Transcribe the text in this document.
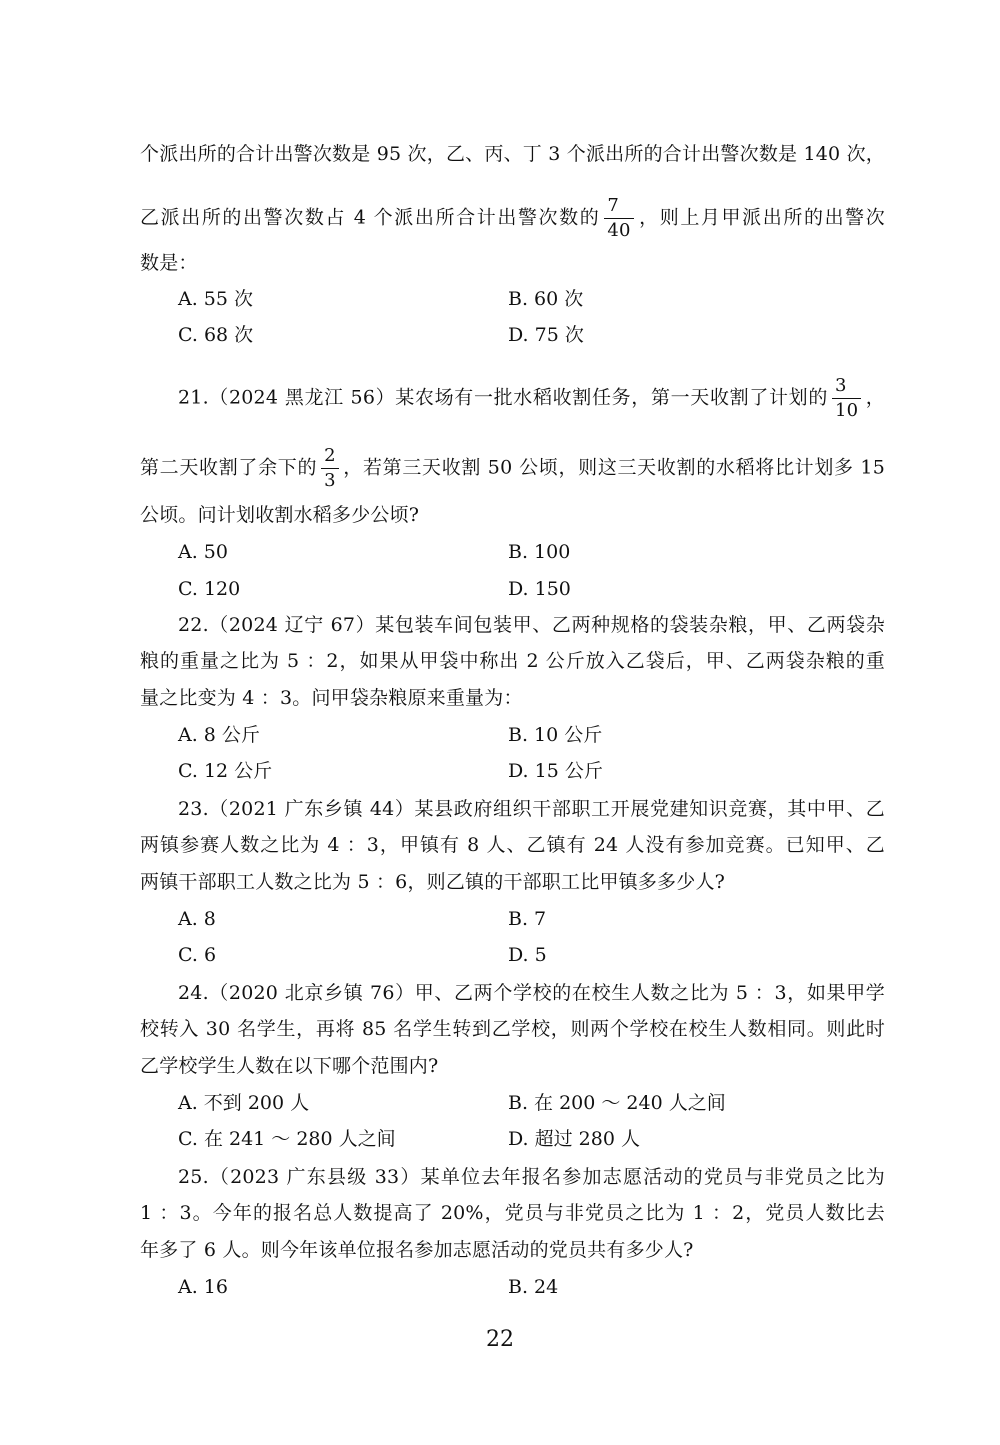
个派出所的合计出警次数是 95 次，乙、丙、丁 3 个派出所的合计出警次数是 140 次，
乙派出所的出警次数占 4 个派出所合计出警次数的 $\frac{7}{40}$ ，则上月甲派出所的出警次
数是：
A. 55 次	B. 60 次
C. 68 次	D. 75 次
21.（2024 黑龙江 56）某农场有一批水稻收割任务，第一天收割了计划的 $\frac{3}{10}$ ，
第二天收割了余下的 $\frac{2}{3}$ ，若第三天收割 50 公顷，则这三天收割的水稻将比计划多 15
公顷。问计划收割水稻多少公顷?
A. 50	B. 100
C. 120	D. 150
22.（2024 辽宁 67）某包装车间包装甲、乙两种规格的袋装杂粮，甲、乙两袋杂
粮的重量之比为 5 ：2，如果从甲袋中称出 2 公斤放入乙袋后，甲、乙两袋杂粮的重
量之比变为 4 ：3。问甲袋杂粮原来重量为：
A. 8 公斤	B. 10 公斤
C. 12 公斤	D. 15 公斤
23.（2021 广东乡镇 44）某县政府组织干部职工开展党建知识竞赛，其中甲、乙
两镇参赛人数之比为 4 ：3，甲镇有 8 人、乙镇有 24 人没有参加竞赛。已知甲、乙
两镇干部职工人数之比为 5 ：6，则乙镇的干部职工比甲镇多多少人?
A. 8	B. 7
C. 6	D. 5
24.（2020 北京乡镇 76）甲、乙两个学校的在校生人数之比为 5 ：3，如果甲学
校转入 30 名学生，再将 85 名学生转到乙学校，则两个学校在校生人数相同。则此时
乙学校学生人数在以下哪个范围内?
A. 不到 200 人	B. 在 200 ～ 240 人之间
C. 在 241 ～ 280 人之间	D. 超过 280 人
25.（2023 广东县级 33）某单位去年报名参加志愿活动的党员与非党员之比为
1 ：3。今年的报名总人数提高了 20%，党员与非党员之比为 1 ：2，党员人数比去
年多了 6 人。则今年该单位报名参加志愿活动的党员共有多少人?
A. 16	B. 24
22
